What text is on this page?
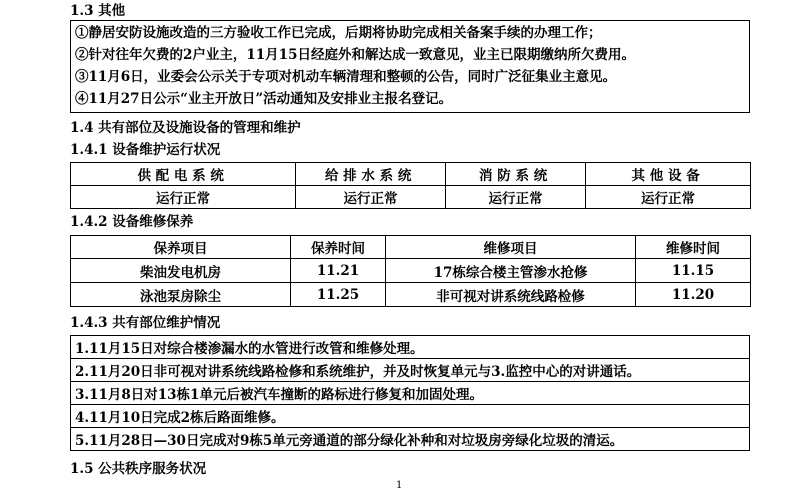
1.3 其他
①静居安防设施改造的三方验收工作已完成，后期将协助完成相关备案手续的办理工作；
②针对往年欠费的2户业主，11月15日经庭外和解达成一致意见，业主已限期缴纳所欠费用。
③11月6日，业委会公示关于专项对机动车辆清理和整顿的公告，同时广泛征集业主意见。
④11月27日公示“业主开放日”活动通知及安排业主报名登记。
1.4 共有部位及设施设备的管理和维护
1.4.1 设备维护运行状况
供配电系统	给排水系统	消防系统	其他设备
运行正常	运行正常	运行正常	运行正常
1.4.2 设备维修保养
保养项目	保养时间	维修项目	维修时间
柴油发电机房	11.21	17栋综合楼主管渗水抢修	11.15
泳池泵房除尘	11.25	非可视对讲系统线路检修	11.20
1.4.3 共有部位维护情况
1.11月15日对综合楼渗漏水的水管进行改管和维修处理。
2.11月20日非可视对讲系统线路检修和系统维护，并及时恢复单元与3.监控中心的对讲通话。
3.11月8日对13栋1单元后被汽车撞断的路标进行修复和加固处理。
4.11月10日完成2栋后路面维修。
5.11月28日—30日完成对9栋5单元旁通道的部分绿化补种和对垃圾房旁绿化垃圾的清运。
1.5 公共秩序服务状况
1
